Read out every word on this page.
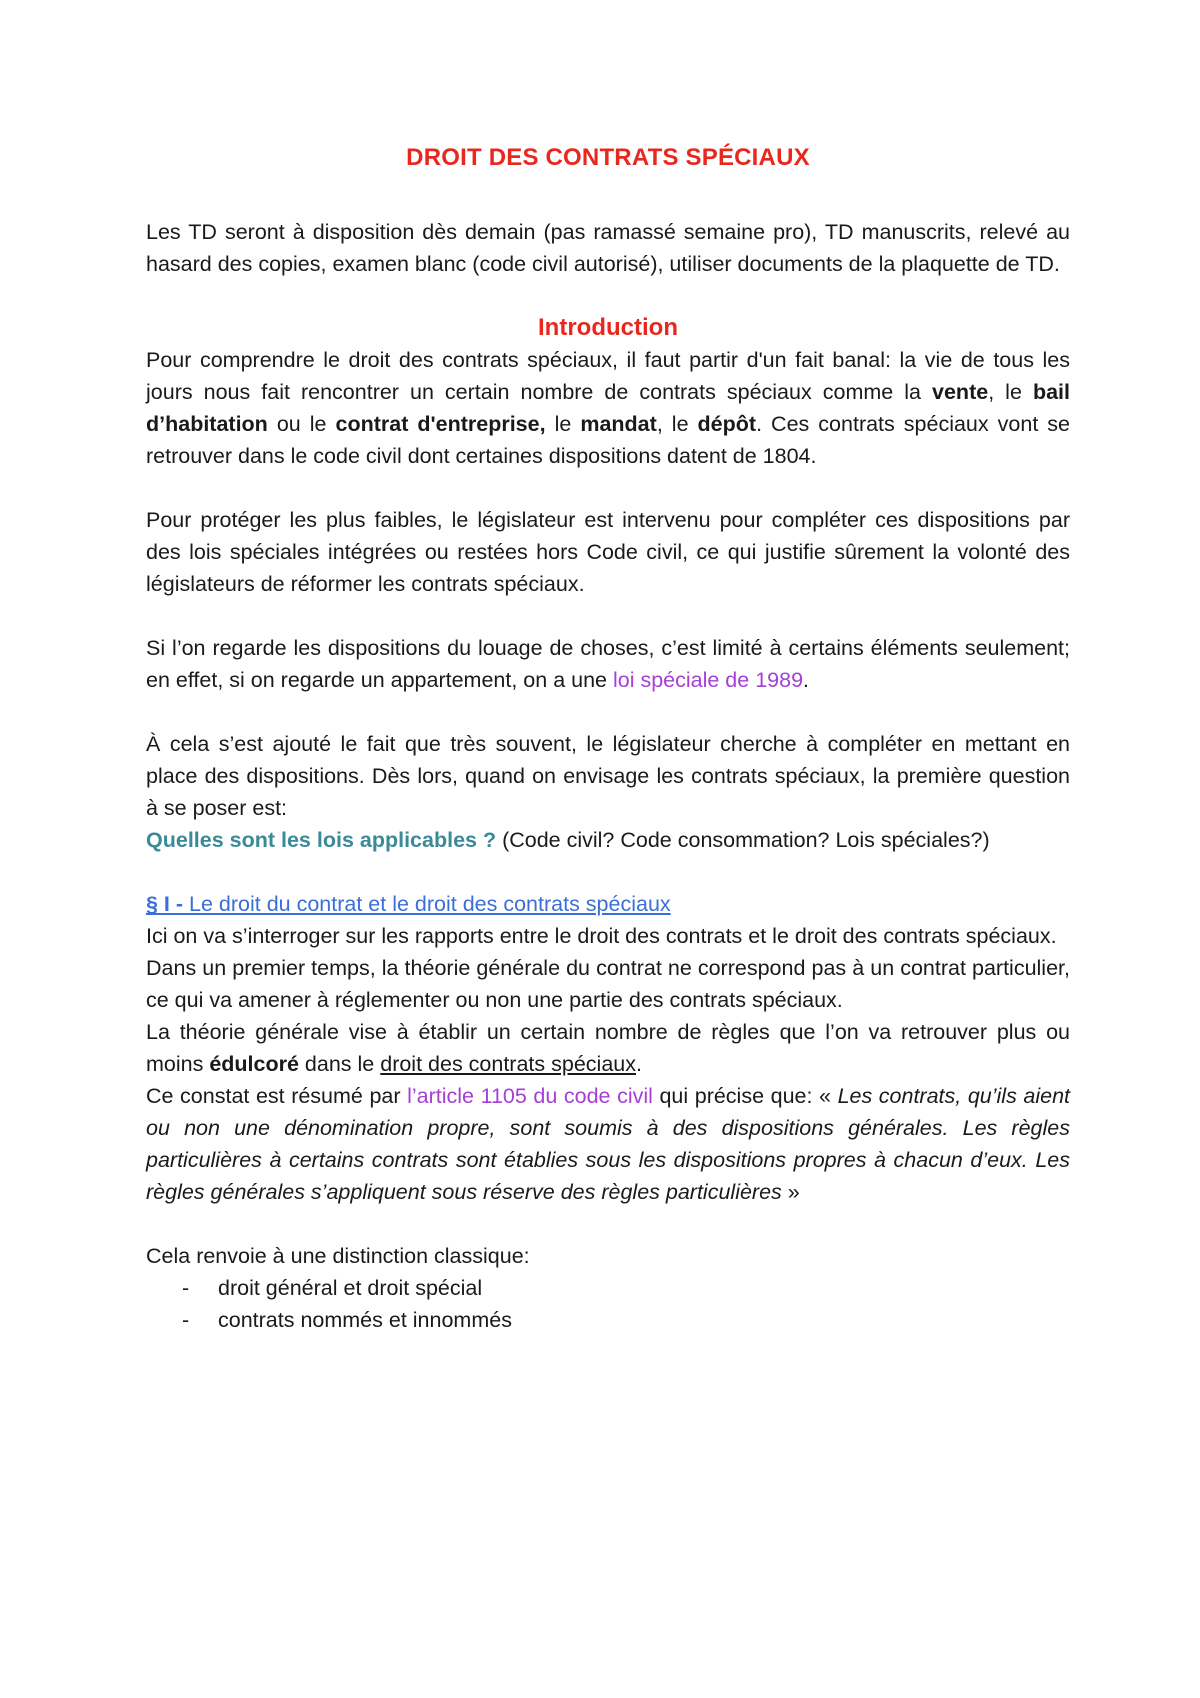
DROIT DES CONTRATS SPÉCIAUX

Les TD seront à disposition dès demain (pas ramassé semaine pro), TD manuscrits, relevé au hasard des copies, examen blanc (code civil autorisé), utiliser documents de la plaquette de TD.

Introduction

Pour comprendre le droit des contrats spéciaux, il faut partir d'un fait banal: la vie de tous les jours nous fait rencontrer un certain nombre de contrats spéciaux comme la vente, le bail d’habitation ou le contrat d'entreprise, le mandat, le dépôt. Ces contrats spéciaux vont se retrouver dans le code civil dont certaines dispositions datent de 1804.

Pour protéger les plus faibles, le législateur est intervenu pour compléter ces dispositions par des lois spéciales intégrées ou restées hors Code civil, ce qui justifie sûrement la volonté des législateurs de réformer les contrats spéciaux.

Si l’on regarde les dispositions du louage de choses, c’est limité à certains éléments seulement; en effet, si on regarde un appartement, on a une loi spéciale de 1989.

À cela s’est ajouté le fait que très souvent, le législateur cherche à compléter en mettant en place des dispositions. Dès lors, quand on envisage les contrats spéciaux, la première question à se poser est:

Quelles sont les lois applicables ? (Code civil? Code consommation? Lois spéciales?)

§ I - Le droit du contrat et le droit des contrats spéciaux

Ici on va s’interroger sur les rapports entre le droit des contrats et le droit des contrats spéciaux.

Dans un premier temps, la théorie générale du contrat ne correspond pas à un contrat particulier, ce qui va amener à réglementer ou non une partie des contrats spéciaux.

La théorie générale vise à établir un certain nombre de règles que l’on va retrouver plus ou moins édulcoré dans le droit des contrats spéciaux.

Ce constat est résumé par l’article 1105 du code civil qui précise que: « Les contrats, qu’ils aient ou non une dénomination propre, sont soumis à des dispositions générales. Les règles particulières à certains contrats sont établies sous les dispositions propres à chacun d’eux. Les règles générales s’appliquent sous réserve des règles particulières »

Cela renvoie à une distinction classique:

- droit général et droit spécial
- contrats nommés et innommés
